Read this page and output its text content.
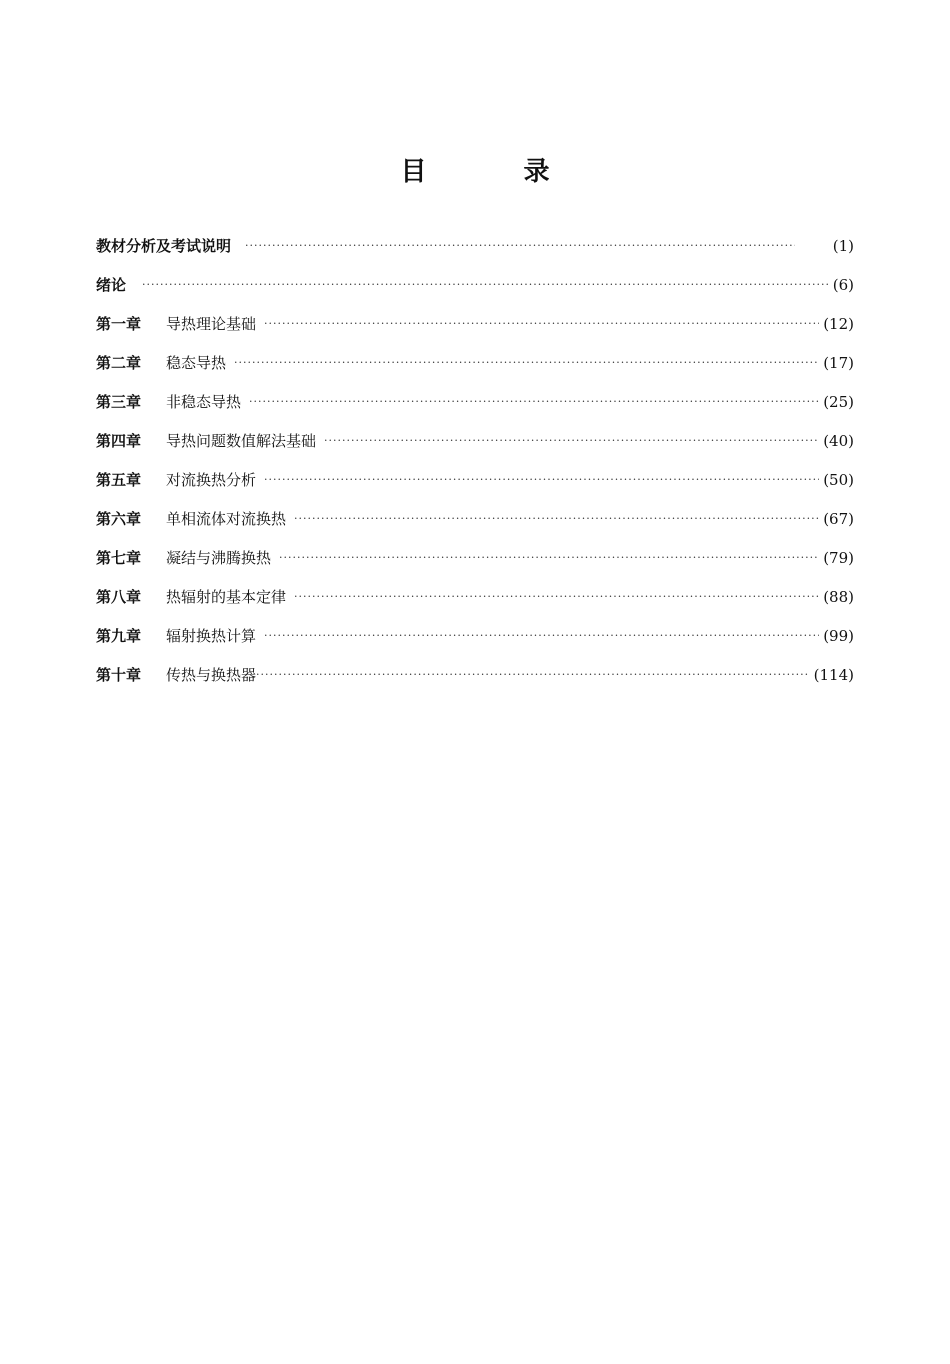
目 录
教材分析及考试说明 ·····	(1)
绪论 ·····	(6)
第一章	导热理论基础 ·····	(12)
第二章	稳态导热 ·····	(17)
第三章	非稳态导热 ·····	(25)
第四章	导热问题数值解法基础 ·····	(40)
第五章	对流换热分析 ·····	(50)
第六章	单相流体对流换热 ·····	(67)
第七章	凝结与沸腾换热 ·····	(79)
第八章	热辐射的基本定律 ·····	(88)
第九章	辐射换热计算 ·····	(99)
第十章	传热与换热器 ·····	(114)
